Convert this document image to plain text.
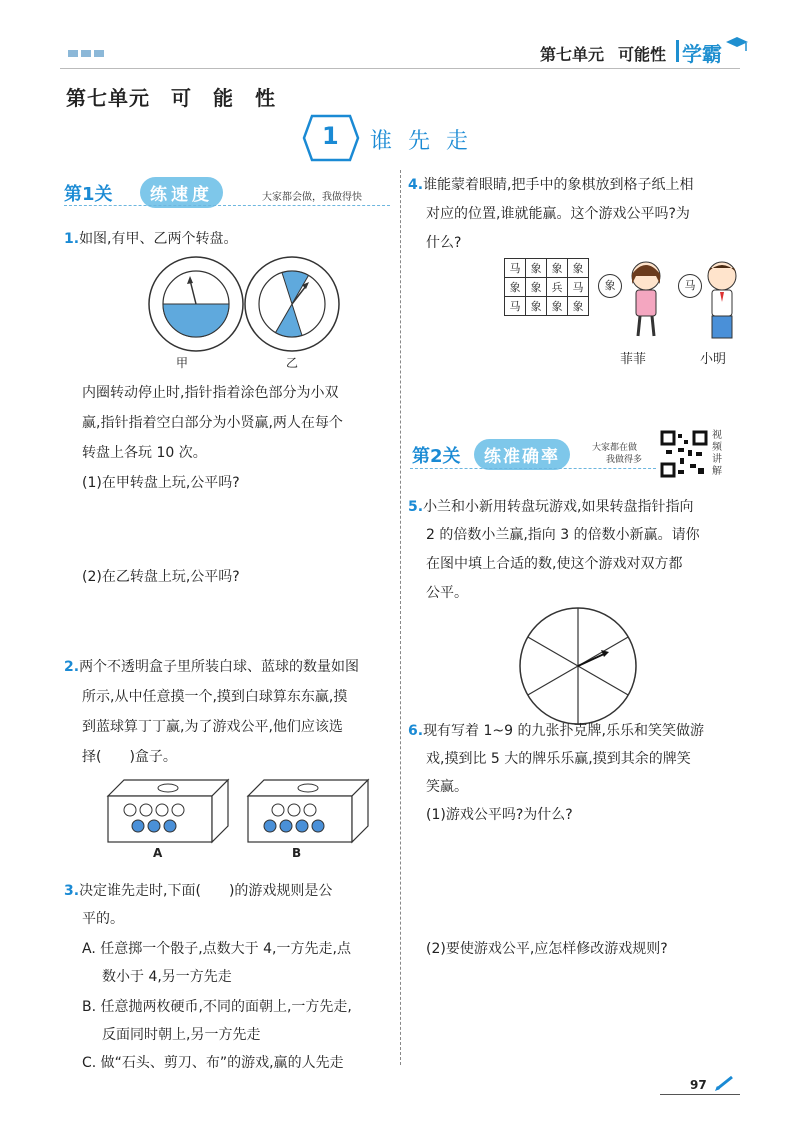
第七单元 可能性 学霸
第七单元　可　能　性
1 谁先走
第1关	练速度	大家都会做，我做得快
1.如图,有甲、乙两个转盘。
甲	乙
内圈转动停止时,指针指着涂色部分为小双
赢,指针指着空白部分为小贤赢,两人在每个
转盘上各玩 10 次。
(1)在甲转盘上玩,公平吗?
(2)在乙转盘上玩,公平吗?
2.两个不透明盒子里所装白球、蓝球的数量如图
所示,从中任意摸一个,摸到白球算东东赢,摸
到蓝球算丁丁赢,为了游戏公平,他们应该选
择(　　)盒子。
A	B
3.决定谁先走时,下面(　　)的游戏规则是公
平的。
A. 任意掷一个骰子,点数大于 4,一方先走,点
数小于 4,另一方先走
B. 任意抛两枚硬币,不同的面朝上,一方先走,
反面同时朝上,另一方先走
C. 做“石头、剪刀、布”的游戏,赢的人先走
4.谁能蒙着眼睛,把手中的象棋放到格子纸上相
对应的位置,谁就能赢。这个游戏公平吗?为
什么?
马	象	象	象
象	象	兵	马
马	象	象	象
象	马
菲菲	小明
第2关	练准确率	大家都在做
我做得多
视频讲解
5.小兰和小新用转盘玩游戏,如果转盘指针指向
2 的倍数小兰赢,指向 3 的倍数小新赢。请你
在图中填上合适的数,使这个游戏对双方都
公平。
6.现有写着 1~9 的九张扑克牌,乐乐和笑笑做游
戏,摸到比 5 大的牌乐乐赢,摸到其余的牌笑
笑赢。
(1)游戏公平吗?为什么?
(2)要使游戏公平,应怎样修改游戏规则?
97
